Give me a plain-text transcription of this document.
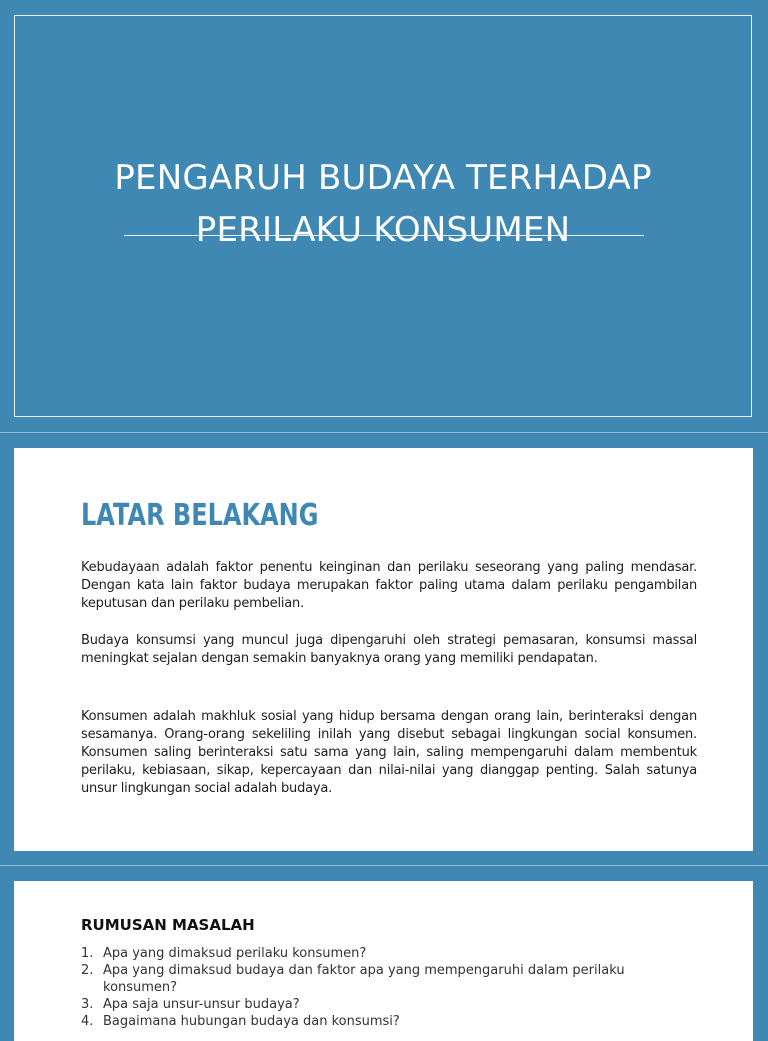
PENGARUH BUDAYA TERHADAP
PERILAKU KONSUMEN
LATAR BELAKANG

Kebudayaan adalah faktor penentu keinginan dan perilaku seseorang yang paling mendasar. Dengan kata lain faktor budaya merupakan faktor paling utama dalam perilaku pengambilan keputusan dan perilaku pembelian.

Budaya konsumsi yang muncul juga dipengaruhi oleh strategi pemasaran, konsumsi massal meningkat sejalan dengan semakin banyaknya orang yang memiliki pendapatan.

Konsumen adalah makhluk sosial yang hidup bersama dengan orang lain, berinteraksi dengan sesamanya. Orang-orang sekeliling inilah yang disebut sebagai lingkungan social konsumen. Konsumen saling berinteraksi satu sama yang lain, saling mempengaruhi dalam membentuk perilaku, kebiasaan, sikap, kepercayaan dan nilai-nilai yang dianggap penting. Salah satunya unsur lingkungan social adalah budaya.

RUMUSAN MASALAH
1. Apa yang dimaksud perilaku konsumen?
2. Apa yang dimaksud budaya dan faktor apa yang mempengaruhi dalam perilaku konsumen?
3. Apa saja unsur-unsur budaya?
4. Bagaimana hubungan budaya dan konsumsi?
